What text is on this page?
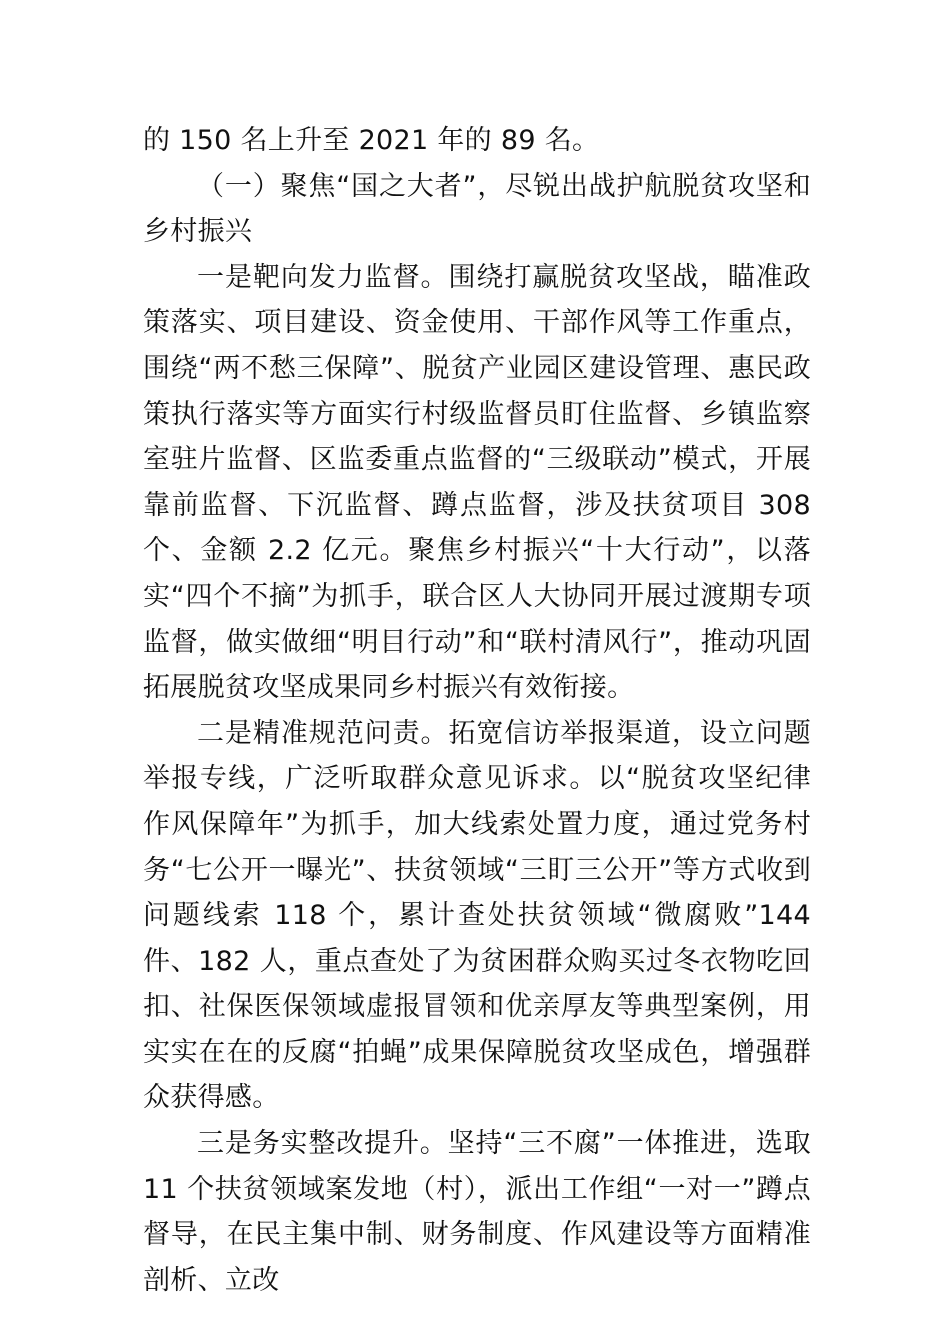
的 150 名上升至 2021 年的 89 名。

（一）聚焦“国之大者”，尽锐出战护航脱贫攻坚和乡村振兴

一是靶向发力监督。围绕打赢脱贫攻坚战，瞄准政策落实、项目建设、资金使用、干部作风等工作重点，围绕“两不愁三保障”、脱贫产业园区建设管理、惠民政策执行落实等方面实行村级监督员盯住监督、乡镇监察室驻片监督、区监委重点监督的“三级联动”模式，开展靠前监督、下沉监督、蹲点监督，涉及扶贫项目 308 个、金额 2.2 亿元。聚焦乡村振兴“十大行动”，以落实“四个不摘”为抓手，联合区人大协同开展过渡期专项监督，做实做细“明目行动”和“联村清风行”，推动巩固拓展脱贫攻坚成果同乡村振兴有效衔接。

二是精准规范问责。拓宽信访举报渠道，设立问题举报专线，广泛听取群众意见诉求。以“脱贫攻坚纪律作风保障年”为抓手，加大线索处置力度，通过党务村务“七公开一曝光”、扶贫领域“三盯三公开”等方式收到问题线索 118 个，累计查处扶贫领域“微腐败”144 件、182 人，重点查处了为贫困群众购买过冬衣物吃回扣、社保医保领域虚报冒领和优亲厚友等典型案例，用实实在在的反腐“拍蝇”成果保障脱贫攻坚成色，增强群众获得感。

三是务实整改提升。坚持“三不腐”一体推进，选取 11 个扶贫领域案发地（村），派出工作组“一对一”蹲点督导，在民主集中制、财务制度、作风建设等方面精准剖析、立改
